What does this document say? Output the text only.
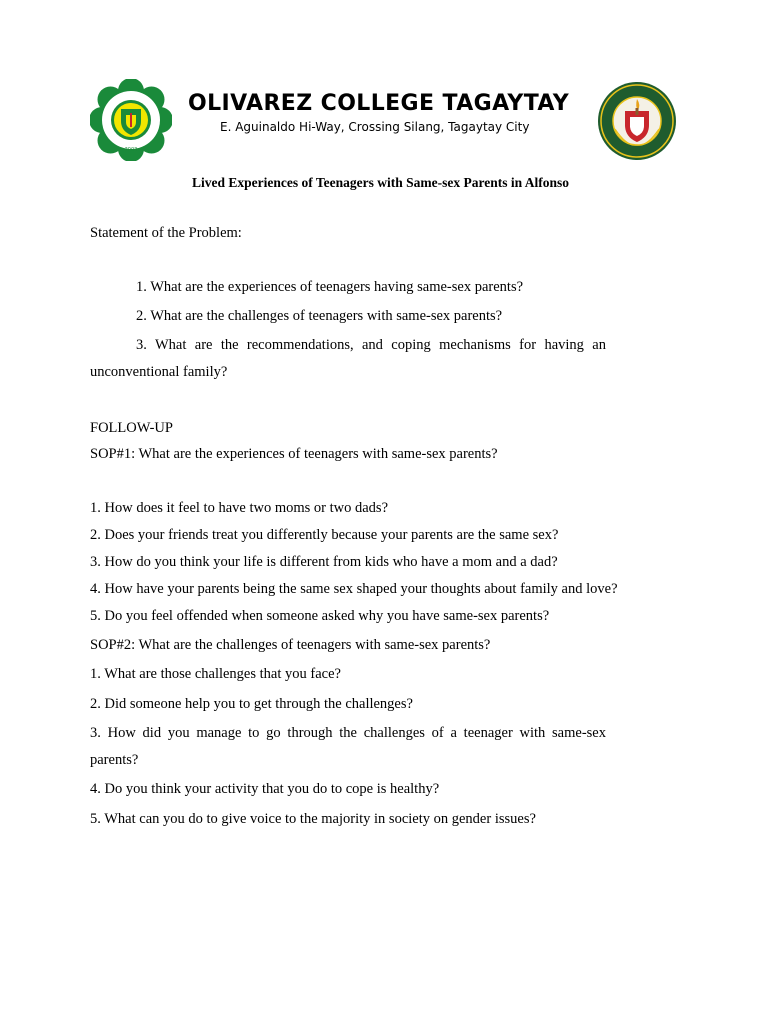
2003

OLIVAREZ COLLEGE TAGAYTAY

E. Aguinaldo Hi-Way, Crossing Silang, Tagaytay City

Lived Experiences of Teenagers with Same-sex Parents in Alfonso

Statement of the Problem:

1. What are the experiences of teenagers having same-sex parents?

2. What are the challenges of teenagers with same-sex parents?

3. What are the recommendations, and coping mechanisms for having an

unconventional family?

FOLLOW-UP

SOP#1: What are the experiences of teenagers with same-sex parents?

1. How does it feel to have two moms or two dads?

2. Does your friends treat you differently because your parents are the same sex?

3. How do you think your life is different from kids who have a mom and a dad?

4. How have your parents being the same sex shaped your thoughts about family and love?

5. Do you feel offended when someone asked why you have same-sex parents?

SOP#2: What are the challenges of teenagers with same-sex parents?

1. What are those challenges that you face?

2. Did someone help you to get through the challenges?

3. How did you manage to go through the challenges of a teenager with same-sex

parents?

4. Do you think your activity that you do to cope is healthy?

5. What can you do to give voice to the majority in society on gender issues?
